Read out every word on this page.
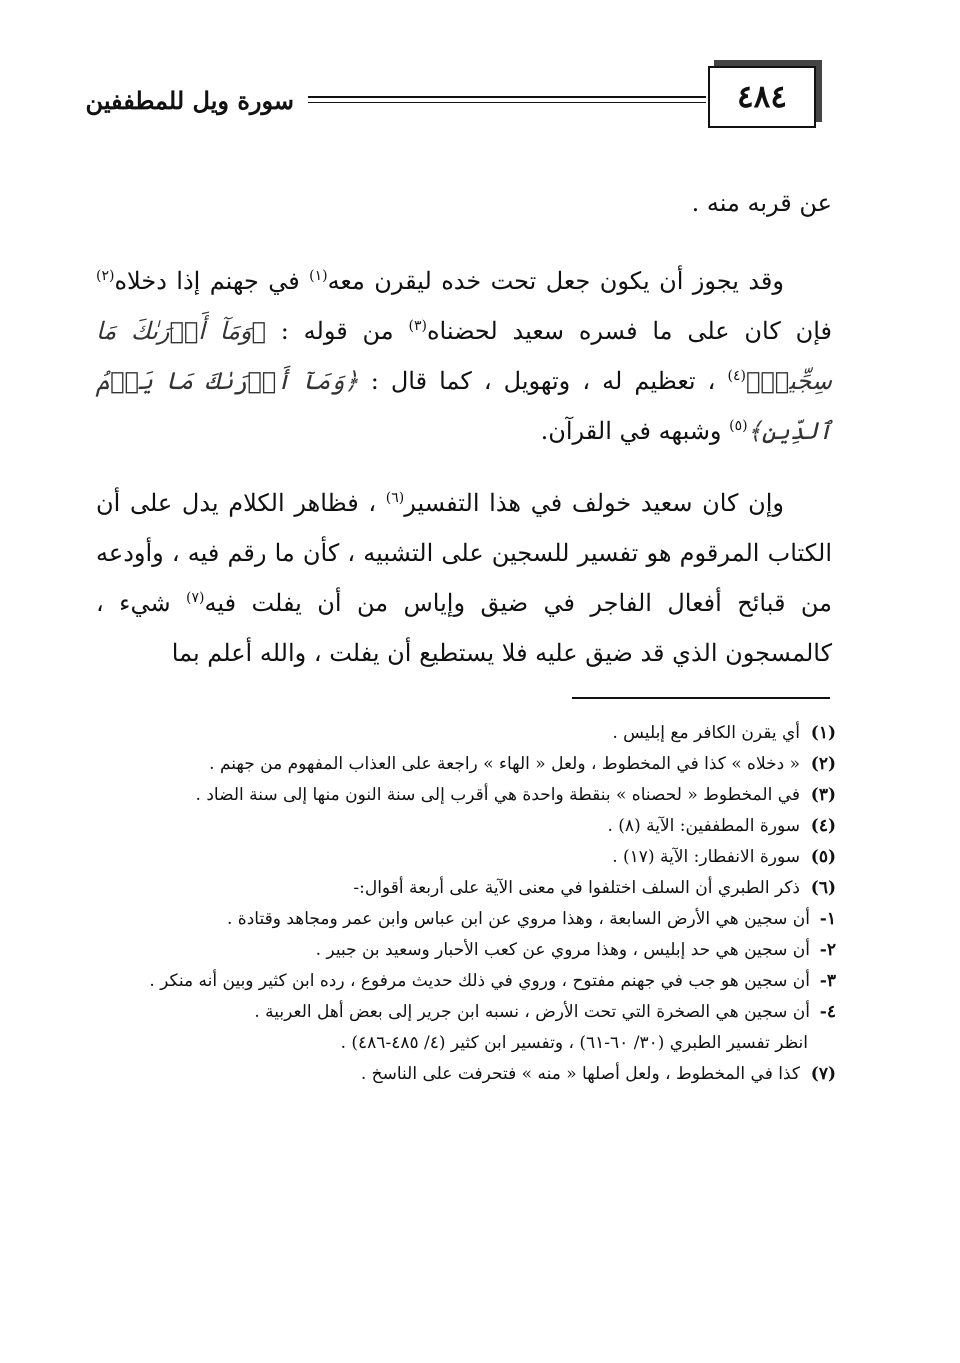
٤٨٤
سورة ويل للمطففين

عن قربه منه .

وقد يجوز أن يكون جعل تحت خده ليقرن معه$^{(١)}$ في جهنم إذا دخلاه$^{(٢)}$ فإن كان على ما فسره سعيد لحضناه$^{(٣)}$ من قوله : ﴿وَمَآ أَدۡرَىٰكَ مَا سِجِّينٞ﴾$^{(٤)}$ ، تعظيم له ، وتهويل ، كما قال : ﴿وَمَآ أَدۡرَىٰكَ مَا يَوۡمُ ٱلدِّينِ﴾$^{(٥)}$ وشبهه في القرآن.

وإن كان سعيد خولف في هذا التفسير$^{(٦)}$ ، فظاهر الكلام يدل على أن الكتاب المرقوم هو تفسير للسجين على التشبيه ، كأن ما رقم فيه ، وأودعه من قبائح أفعال الفاجر في ضيق وإياس من أن يفلت فيه$^{(٧)}$ شيء ، كالمسجون الذي قد ضيق عليه فلا يستطيع أن يفلت ، والله أعلم بما

(١)أي يقرن الكافر مع إبليس .

(٢)« دخلاه » كذا في المخطوط ، ولعل « الهاء » راجعة على العذاب المفهوم من جهنم .

(٣)في المخطوط « لحصناه » بنقطة واحدة هي أقرب إلى سنة النون منها إلى سنة الضاد .

(٤)سورة المطففين: الآية (٨) .

(٥)سورة الانفطار: الآية (١٧) .

(٦)ذكر الطبري أن السلف اختلفوا في معنى الآية على أربعة أقوال:-

١-أن سجين هي الأرض السابعة ، وهذا مروي عن ابن عباس وابن عمر ومجاهد وقتادة .

٢-أن سجين هي حد إبليس ، وهذا مروي عن كعب الأحبار وسعيد بن جبير .

٣-أن سجين هو جب في جهنم مفتوح ، وروي في ذلك حديث مرفوع ، رده ابن كثير وبين أنه منكر .

٤-أن سجين هي الصخرة التي تحت الأرض ، نسبه ابن جرير إلى بعض أهل العربية .

انظر تفسير الطبري (٣٠/ ٦٠-٦١) ، وتفسير ابن كثير (٤/ ٤٨٥-٤٨٦) .

(٧)كذا في المخطوط ، ولعل أصلها « منه » فتحرفت على الناسخ .
